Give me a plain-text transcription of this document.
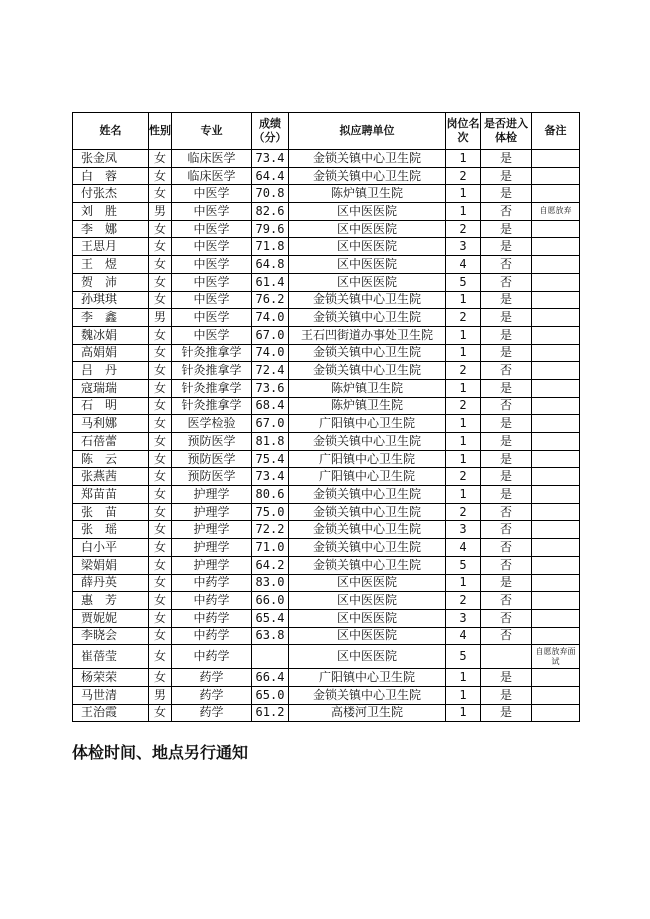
姓名	性别	专业	成绩（分）	拟应聘单位	岗位名次	是否进入体检	备注
张金凤	女	临床医学	73.4	金锁关镇中心卫生院	1	是	
白　蓉	女	临床医学	64.4	金锁关镇中心卫生院	2	是	
付张杰	女	中医学	70.8	陈炉镇卫生院	1	是	
刘　胜	男	中医学	82.6	区中医医院	1	否	自愿放弃
李　娜	女	中医学	79.6	区中医医院	2	是	
王思月	女	中医学	71.8	区中医医院	3	是	
王　煜	女	中医学	64.8	区中医医院	4	否	
贺　沛	女	中医学	61.4	区中医医院	5	否	
孙琪琪	女	中医学	76.2	金锁关镇中心卫生院	1	是	
李　鑫	男	中医学	74.0	金锁关镇中心卫生院	2	是	
魏冰娟	女	中医学	67.0	王石凹街道办事处卫生院	1	是	
高娟娟	女	针灸推拿学	74.0	金锁关镇中心卫生院	1	是	
吕　丹	女	针灸推拿学	72.4	金锁关镇中心卫生院	2	否	
寇瑞瑞	女	针灸推拿学	73.6	陈炉镇卫生院	1	是	
石　明	女	针灸推拿学	68.4	陈炉镇卫生院	2	否	
马利娜	女	医学检验	67.0	广阳镇中心卫生院	1	是	
石蓓蕾	女	预防医学	81.8	金锁关镇中心卫生院	1	是	
陈　云	女	预防医学	75.4	广阳镇中心卫生院	1	是	
张燕茜	女	预防医学	73.4	广阳镇中心卫生院	2	是	
郑苗苗	女	护理学	80.6	金锁关镇中心卫生院	1	是	
张　苗	女	护理学	75.0	金锁关镇中心卫生院	2	否	
张　瑶	女	护理学	72.2	金锁关镇中心卫生院	3	否	
白小平	女	护理学	71.0	金锁关镇中心卫生院	4	否	
梁娟娟	女	护理学	64.2	金锁关镇中心卫生院	5	否	
薛丹英	女	中药学	83.0	区中医医院	1	是	
惠　芳	女	中药学	66.0	区中医医院	2	否	
贾妮妮	女	中药学	65.4	区中医医院	3	否	
李晓会	女	中药学	63.8	区中医医院	4	否	
崔蓓莹	女	中药学		区中医医院	5		自愿放弃面试
杨荣荣	女	药学	66.4	广阳镇中心卫生院	1	是	
马世清	男	药学	65.0	金锁关镇中心卫生院	1	是	
王治霞	女	药学	61.2	高楼河卫生院	1	是	
体检时间、地点另行通知
